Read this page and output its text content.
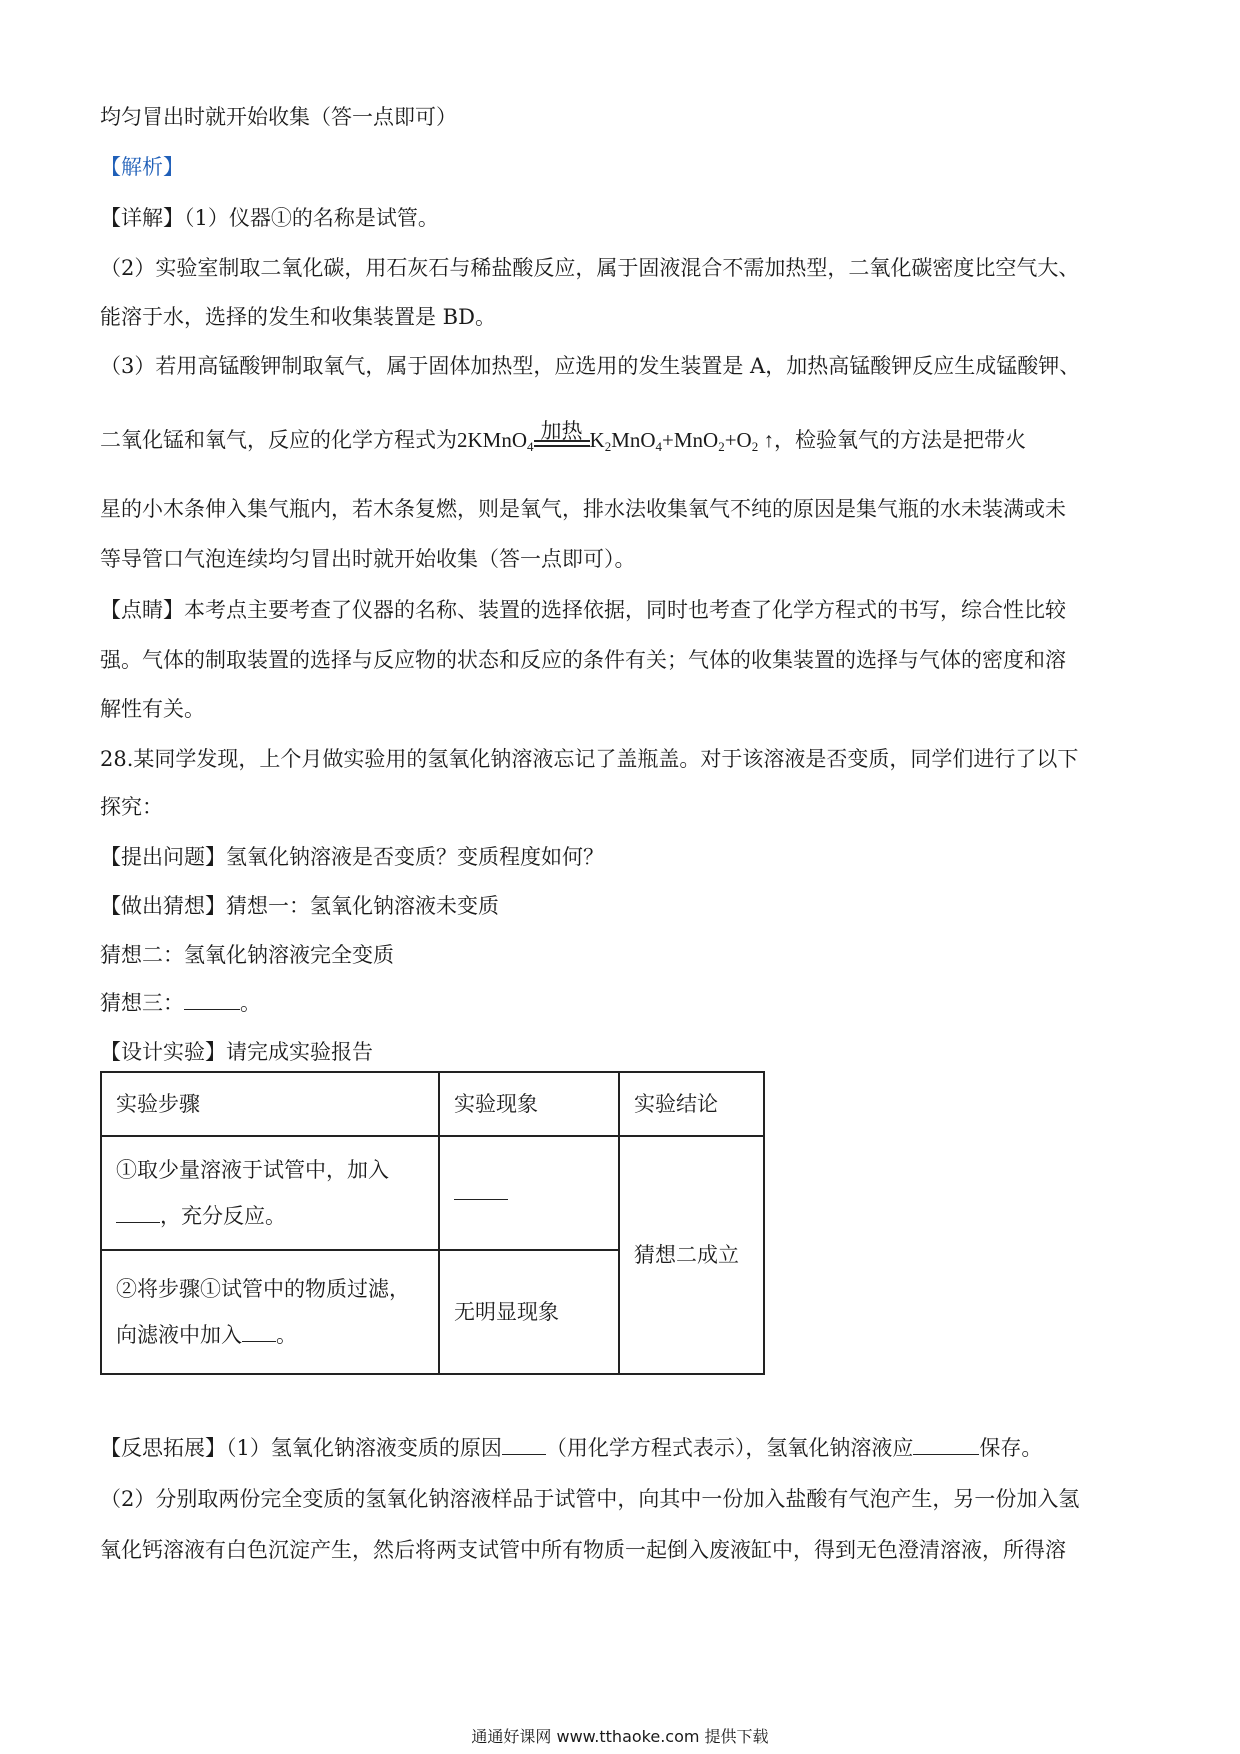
均匀冒出时就开始收集（答一点即可）
【解析】
【详解】（1）仪器①的名称是试管。
（2）实验室制取二氧化碳，用石灰石与稀盐酸反应，属于固液混合不需加热型，二氧化碳密度比空气大、
能溶于水，选择的发生和收集装置是 BD。
（3）若用高锰酸钾制取氧气，属于固体加热型，应选用的发生装置是 A，加热高锰酸钾反应生成锰酸钾、
二氧化锰和氧气，反应的化学方程式为2KMnO$_4$
加热 $K_2MnO_4+MnO_2+O_2$ ↑，检验氧气的方法是把带火
星的小木条伸入集气瓶内，若木条复燃，则是氧气，排水法收集氧气不纯的原因是集气瓶的水未装满或未
等导管口气泡连续均匀冒出时就开始收集（答一点即可）。
【点睛】本考点主要考查了仪器的名称、装置的选择依据，同时也考查了化学方程式的书写，综合性比较
强。气体的制取装置的选择与反应物的状态和反应的条件有关；气体的收集装置的选择与气体的密度和溶
解性有关。
28.某同学发现，上个月做实验用的氢氧化钠溶液忘记了盖瓶盖。对于该溶液是否变质，同学们进行了以下
探究：
【提出问题】氢氧化钠溶液是否变质？变质程度如何？
【做出猜想】猜想一：氢氧化钠溶液未变质
猜想二：氢氧化钠溶液完全变质
猜想三：	。
【设计实验】请完成实验报告
实验步骤	实验现象	实验结论

①取少量溶液于试管中，加入
，充分反应。		猜想二成立

②将步骤①试管中的物质过滤，
向滤液中加入 。	无明显现象	
【反思拓展】（1）氢氧化钠溶液变质的原因 （用化学方程式表示），氢氧化钠溶液应	保存。
（2）分别取两份完全变质的氢氧化钠溶液样品于试管中，向其中一份加入盐酸有气泡产生，另一份加入氢
氧化钙溶液有白色沉淀产生，然后将两支试管中所有物质一起倒入废液缸中，得到无色澄清溶液，所得溶
通通好课网 www.tthaoke.com 提供下载
